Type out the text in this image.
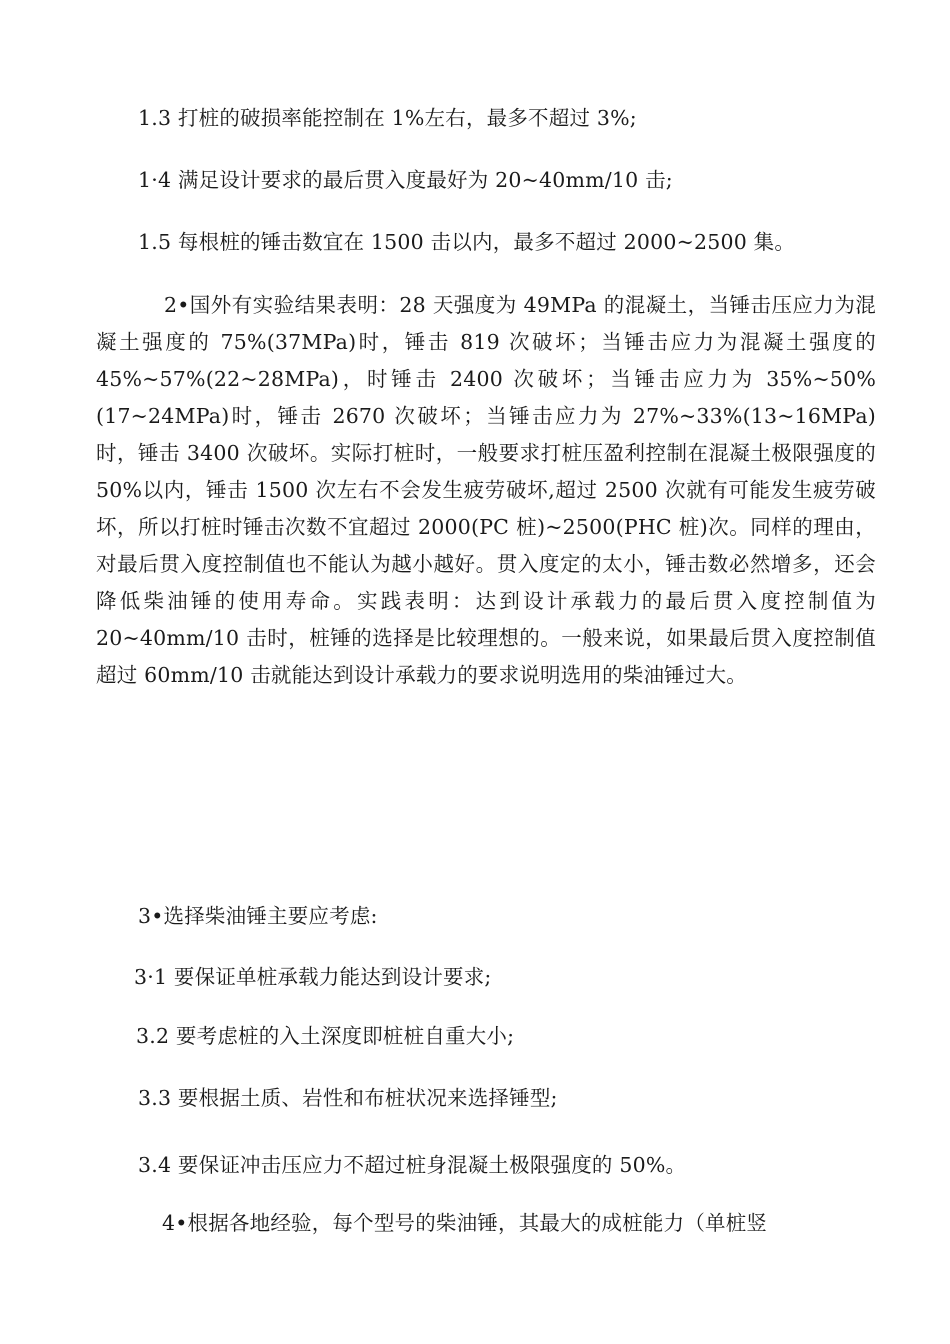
1.3 打桩的破损率能控制在 1%左右，最多不超过 3%;
1·4 满足设计要求的最后贯入度最好为 20~40mm/10 击;
1.5 每根桩的锤击数宜在 1500 击以内，最多不超过 2000~2500 集。
2•国外有实验结果表明：28 天强度为 49MPa 的混凝土，当锤击压应力为混凝土强度的 75%(37MPa)时，锤击 819 次破坏；当锤击应力为混凝土强度的 45%~57%(22~28MPa)，时锤击 2400 次破坏；当锤击应力为 35%~50%(17~24MPa)时，锤击 2670 次破坏；当锤击应力为 27%~33%(13~16MPa)时，锤击 3400 次破坏。实际打桩时，一般要求打桩压盈利控制在混凝土极限强度的 50%以内，锤击 1500 次左右不会发生疲劳破坏,超过 2500 次就有可能发生疲劳破坏，所以打桩时锤击次数不宜超过 2000(PC 桩)~2500(PHC 桩)次。同样的理由，对最后贯入度控制值也不能认为越小越好。贯入度定的太小，锤击数必然增多，还会降低柴油锤的使用寿命。实践表明：达到设计承载力的最后贯入度控制值为 20~40mm/10 击时，桩锤的选择是比较理想的。一般来说，如果最后贯入度控制值超过 60mm/10 击就能达到设计承载力的要求说明选用的柴油锤过大。
3•选择柴油锤主要应考虑:
3·1 要保证单桩承载力能达到设计要求;
3.2 要考虑桩的入土深度即桩桩自重大小;
3.3 要根据土质、岩性和布桩状况来选择锤型;
3.4 要保证冲击压应力不超过桩身混凝土极限强度的 50%。
4•根据各地经验，每个型号的柴油锤，其最大的成桩能力（单桩竖
